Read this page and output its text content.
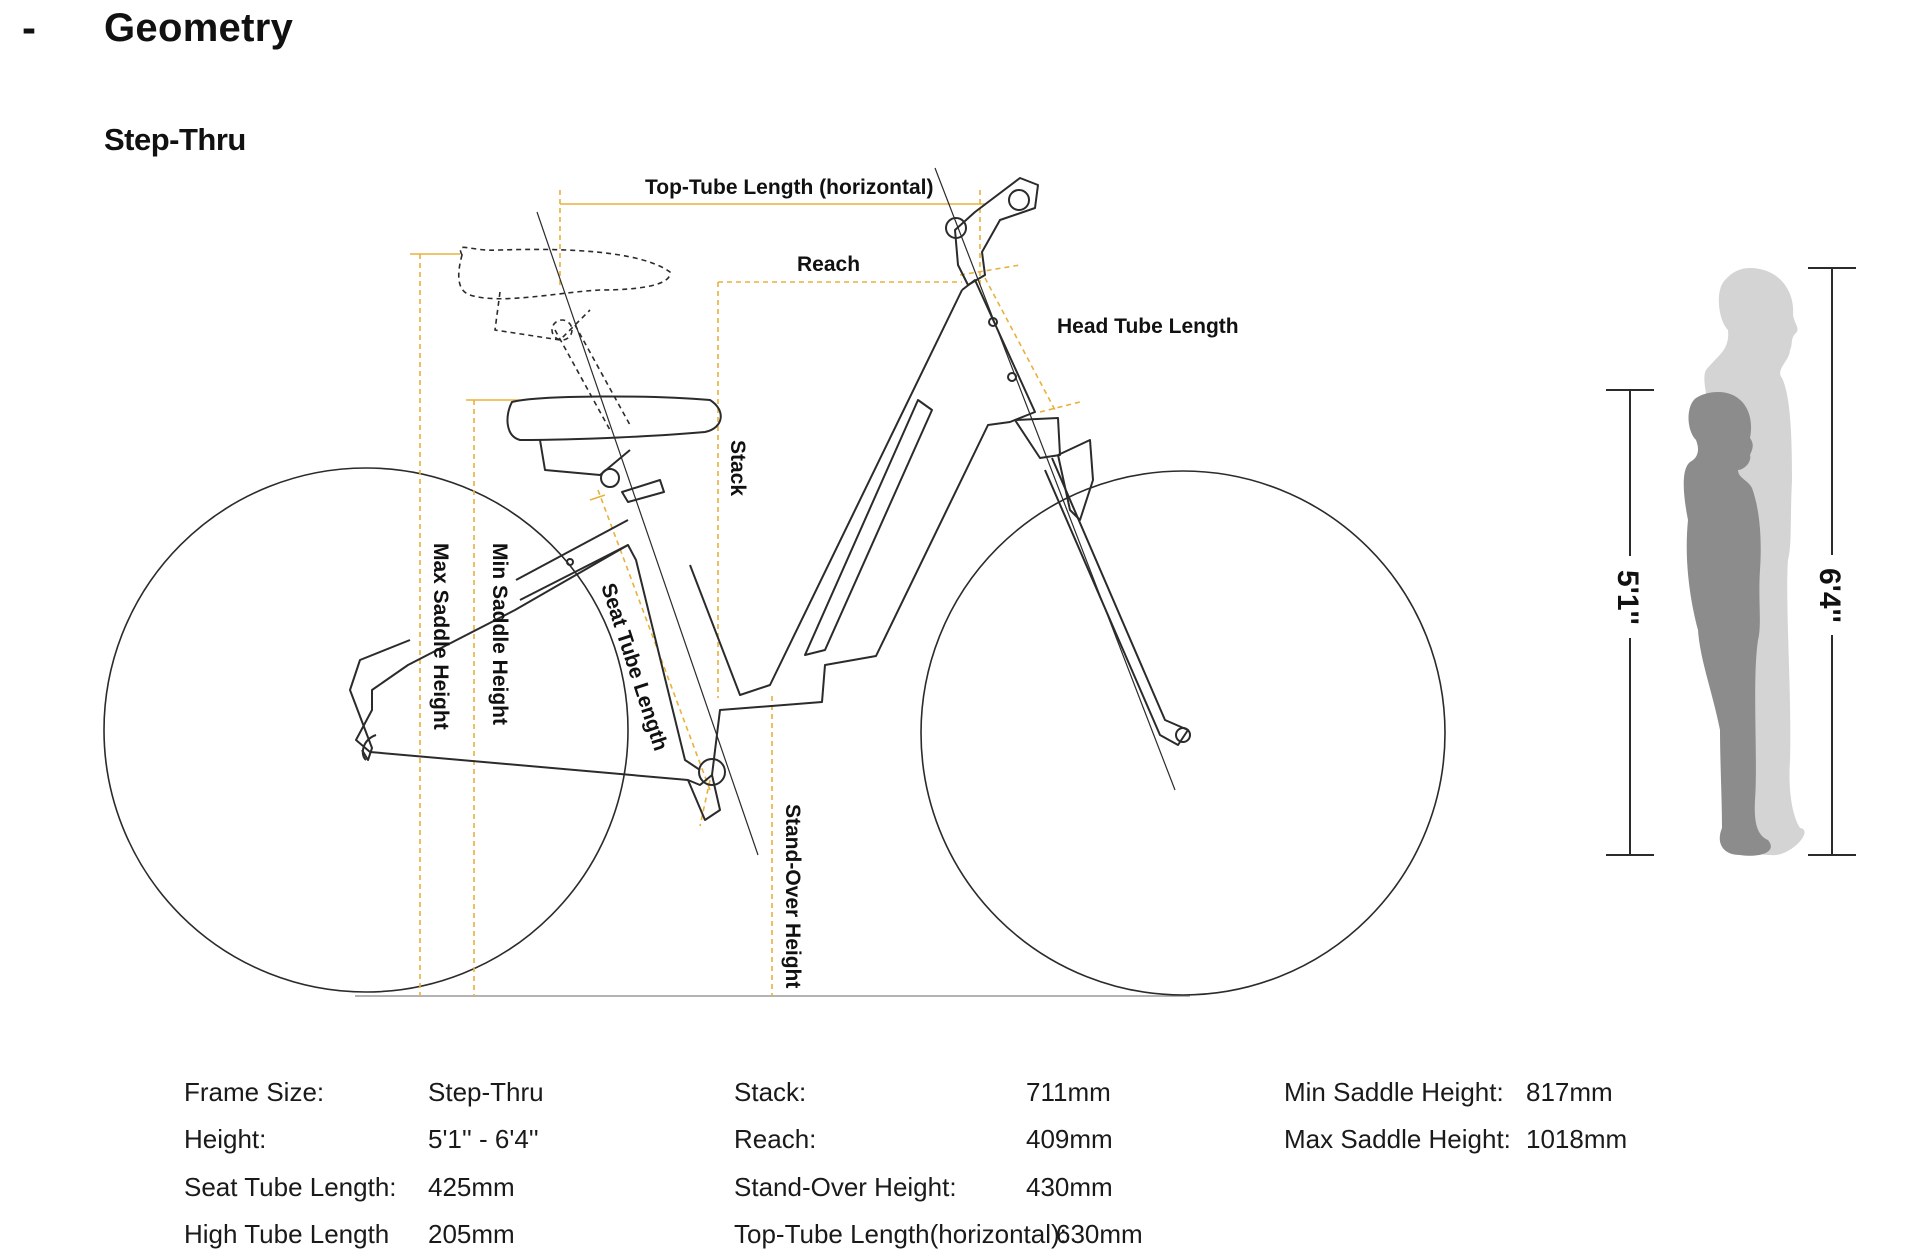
-	Geometry
Step-Thru
Top-Tube Length (horizontal)
Reach
Head Tube Length
Stack
Max Saddle Height Min Saddle Height	Seat Tube Length
Stand-Over Height
5'1''	6'4''
Frame Size:	Step-Thru
Height:	5'1'' - 6'4''
Seat Tube Length: 425mm
High Tube Length 205mm
Stack:	711mm
Reach:	409mm
Stand-Over Height:	430mm
Top-Tube Length(horizontal):
630mm
Min Saddle Height: 817mm
Max Saddle Height: 1018mm
